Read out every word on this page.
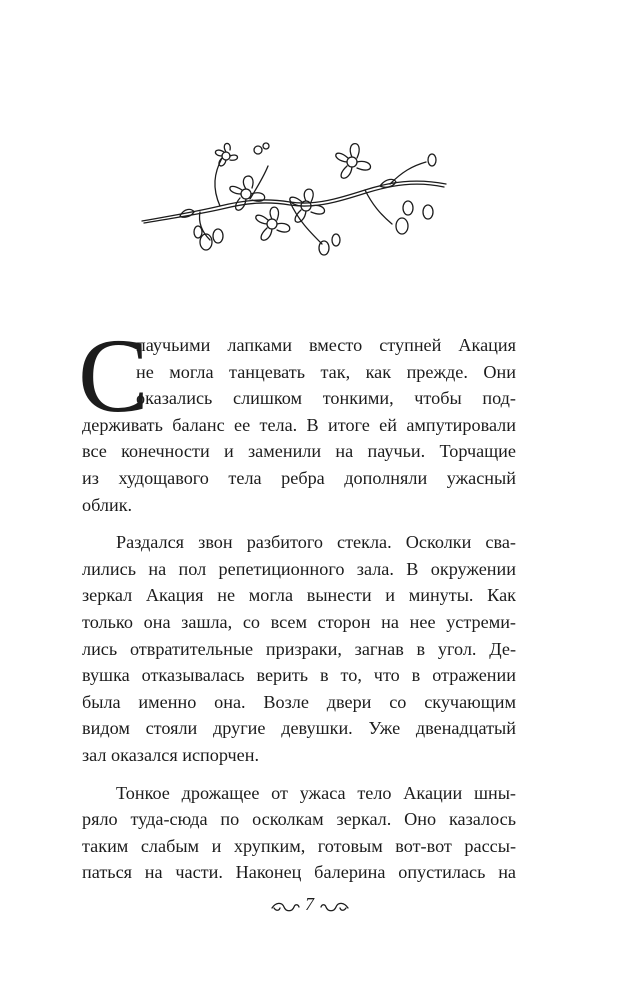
С
паучьими лапками вместо ступней Акация
не могла танцевать так, как прежде. Они
оказались слишком тонкими, чтобы под-
держивать баланс ее тела. В итоге ей ампутировали
все конечности и заменили на паучьи. Торчащие
из худощавого тела ребра дополняли ужасный
облик.
Раздался звон разбитого стекла. Осколки сва-
лились на пол репетиционного зала. В окружении
зеркал Акация не могла вынести и минуты. Как
только она зашла, со всем сторон на нее устреми-
лись отвратительные призраки, загнав в угол. Де-
вушка отказывалась верить в то, что в отражении
была именно она. Возле двери со скучающим
видом стояли другие девушки. Уже двенадцатый
зал оказался испорчен.
Тонкое дрожащее от ужаса тело Акации шны-
ряло туда-сюда по осколкам зеркал. Оно казалось
таким слабым и хрупким, готовым вот-вот рассы-
паться на части. Наконец балерина опустилась на
7
